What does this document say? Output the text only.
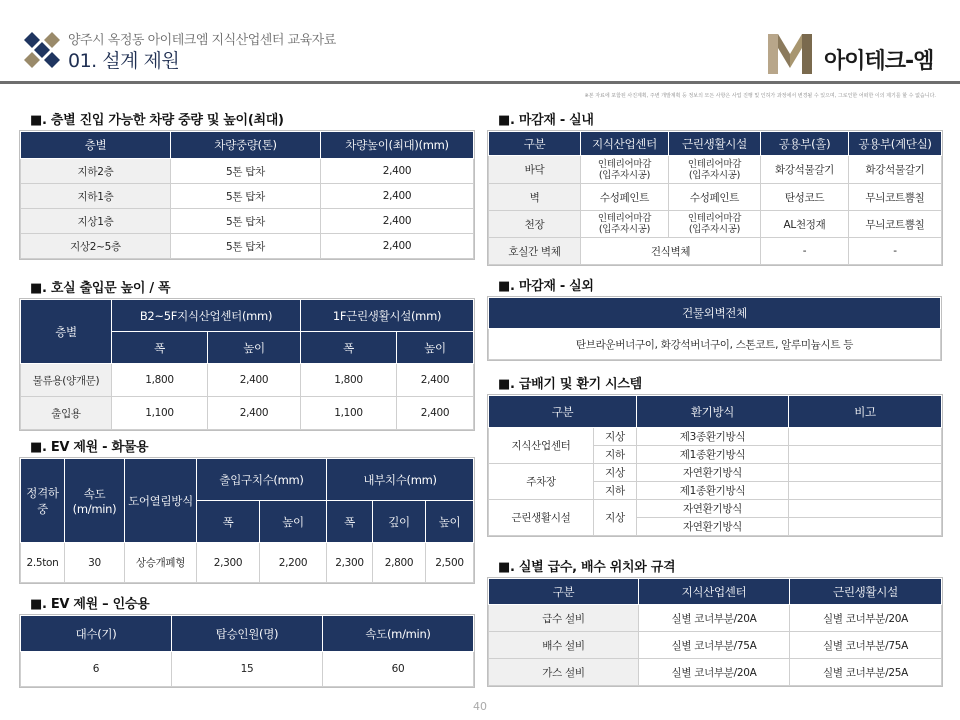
양주시 옥정동 아이테크엠 지식산업센터 교육자료
01. 설계 제원	아이테크-엠
※본 자료에 포함된 사진계획, 주변 개발계획 등 정보의 모든 사항은 사업 진행 및 인허가 과정에서 변경될 수 있으며, 그로인한 어떠한 이의 제기를 할 수 없습니다.
■. 층별 진입 가능한 차량 중량 및 높이(최대)
층별	차량중량(톤)	차량높이(최대)(mm)
지하2층	5톤 탑차	2,400
지하1층	5톤 탑차	2,400
지상1층	5톤 탑차	2,400
지상2~5층	5톤 탑차	2,400
■. 호실 출입문 높이 / 폭
층별	B2~5F지식산업센터(mm)		1F근린생활시설(mm)	
	폭	높이	폭	높이
물류용(양개문)	1,800	2,400	1,800	2,400
출입용	1,100	2,400	1,100	2,400
■. EV 제원 - 화물용
정격하중	속도(m/min)	도어열림방식	출입구치수(mm)		내부치수(mm)		
			폭	높이	폭	깊이	높이
2.5ton	30	상승개폐형	2,300	2,200	2,300	2,800	2,500
■. EV 제원 – 인승용
대수(기)	탑승인원(명)	속도(m/min)
6	15	60
■. 마감재 - 실내
구분	지식산업센터	근린생활시설	공용부(홀)	공용부(계단실)
바닥	인테리어마감
(입주자시공)	인테리어마감
(입주자시공)	화강석물갈기	화강석물갈기
벽	수성페인트	수성페인트	탄성코드	무늬코트뿜칠
천장	인테리어마감
(입주자시공)	인테리어마감
(입주자시공)	AL천정재	무늬코트뿜칠
호실간 벽체	건식벽체		-	-
■. 마감재 - 실외
건물외벽전체
탄브라운버너구이, 화강석버너구이, 스톤코트, 알루미늄시트 등
■. 급배기 및 환기 시스템
구분		환기방식	비고
지식산업센터	지상	제3종환기방식	
	지하	제1종환기방식	
주차장	지상	자연환기방식	
	지하	제1종환기방식	
근린생활시설	지상	자연환기방식	
		자연환기방식	
■. 실별 급수, 배수 위치와 규격
구분	지식산업센터	근린생활시설
급수 설비	실별 코너부분/20A	실별 코너부분/20A
배수 설비	실별 코너부분/75A	실별 코너부분/75A
가스 설비	실별 코너부분/20A	실별 코너부분/25A
40
